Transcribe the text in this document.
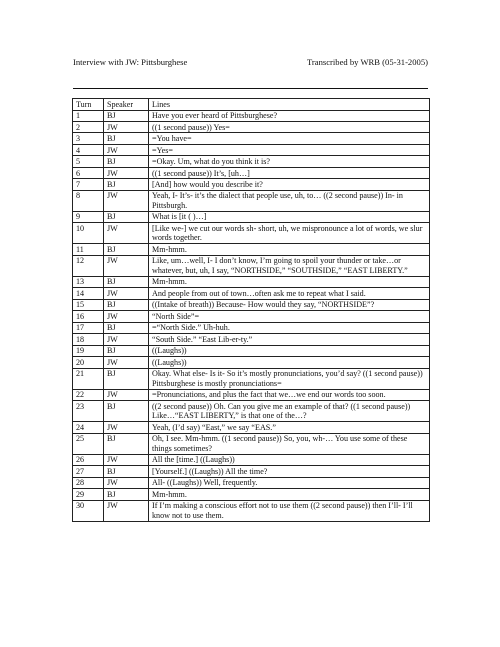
Interview with JW: Pittsburghese	Transcribed by WRB (05-31-2005)
Turn	Speaker	Lines
1	BJ	Have you ever heard of Pittsburghese?
2	JW	((1 second pause)) Yes=
3	BJ	=You have=
4	JW	=Yes=
5	BJ	=Okay. Um, what do you think it is?
6	JW	((1 second pause)) It’s, [uh…]
7	BJ	[And] how would you describe it?
8	JW	Yeah, I- It’s- it’s the dialect that people use, uh, to… ((2 second pause)) In- in Pittsburgh.
9	BJ	What is [it ( )…]
10	JW	[Like we-] we cut our words sh- short, uh, we mispronounce a lot of words, we slur words together.
11	BJ	Mm-hmm.
12	JW	Like, um…well, I- I don’t know, I’m going to spoil your thunder or take…or whatever, but, uh, I say, “NORTHSIDE,” “SOUTHSIDE,” “EAST LIBERTY.”
13	BJ	Mm-hmm.
14	JW	And people from out of town…often ask me to repeat what I said.
15	BJ	((Intake of breath)) Because- How would they say, “NORTHSIDE”?
16	JW	“North Side”=
17	BJ	=“North Side.” Uh-huh.
18	JW	“South Side.” “East Lib-er-ty.”
19	BJ	((Laughs))
20	JW	((Laughs))
21	BJ	Okay. What else- Is it- So it’s mostly pronunciations, you’d say? ((1 second pause)) Pittsburghese is mostly pronunciations=
22	JW	=Pronunciations, and plus the fact that we…we end our words too soon.
23	BJ	((2 second pause)) Oh. Can you give me an example of that? ((1 second pause)) Like…“EAST LIBERTY,” is that one of the…?
24	JW	Yeah, (I’d say) “East,” we say “EAS.”
25	BJ	Oh, I see. Mm-hmm. ((1 second pause)) So, you, wh-… You use some of these things sometimes?
26	JW	All the [time.] ((Laughs))
27	BJ	[Yourself.] ((Laughs)) All the time?
28	JW	All- ((Laughs)) Well, frequently.
29	BJ	Mm-hmm.
30	JW	If I’m making a conscious effort not to use them ((2 second pause)) then I’ll- I’ll know not to use them.
